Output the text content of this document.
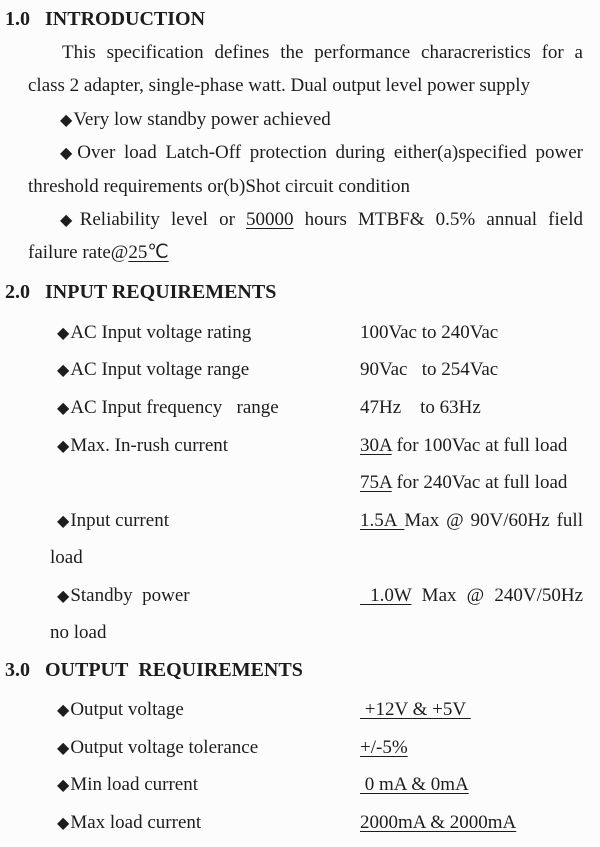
1.0 INTRODUCTION
This specification defines the performance characreristics for a
class 2 adapter, single-phase watt. Dual output level power supply
◆Very low standby power achieved
◆Over load Latch-Off protection during either(a)specified power
threshold requirements or(b)Shot circuit condition
◆Reliability level or 50000 hours MTBF& 0.5% annual field
failure rate@25℃
2.0 INPUT REQUIREMENTS
◆AC Input voltage rating	100Vac to 240Vac
◆AC Input voltage range	90Vac   to 254Vac
◆AC Input frequency   range	47Hz    to 63Hz
◆Max. In-rush current	30A for 100Vac at full load
75A for 240Vac at full load
◆Input current	1.5A Max @ 90V/60Hz full
load
◆Standby  power	1.0W Max @ 240V/50Hz
no load
3.0 OUTPUT  REQUIREMENTS
◆Output voltage	+12V & +5V
◆Output voltage tolerance	+/-5%
◆Min load current	0 mA & 0mA
◆Max load current	2000mA & 2000mA
